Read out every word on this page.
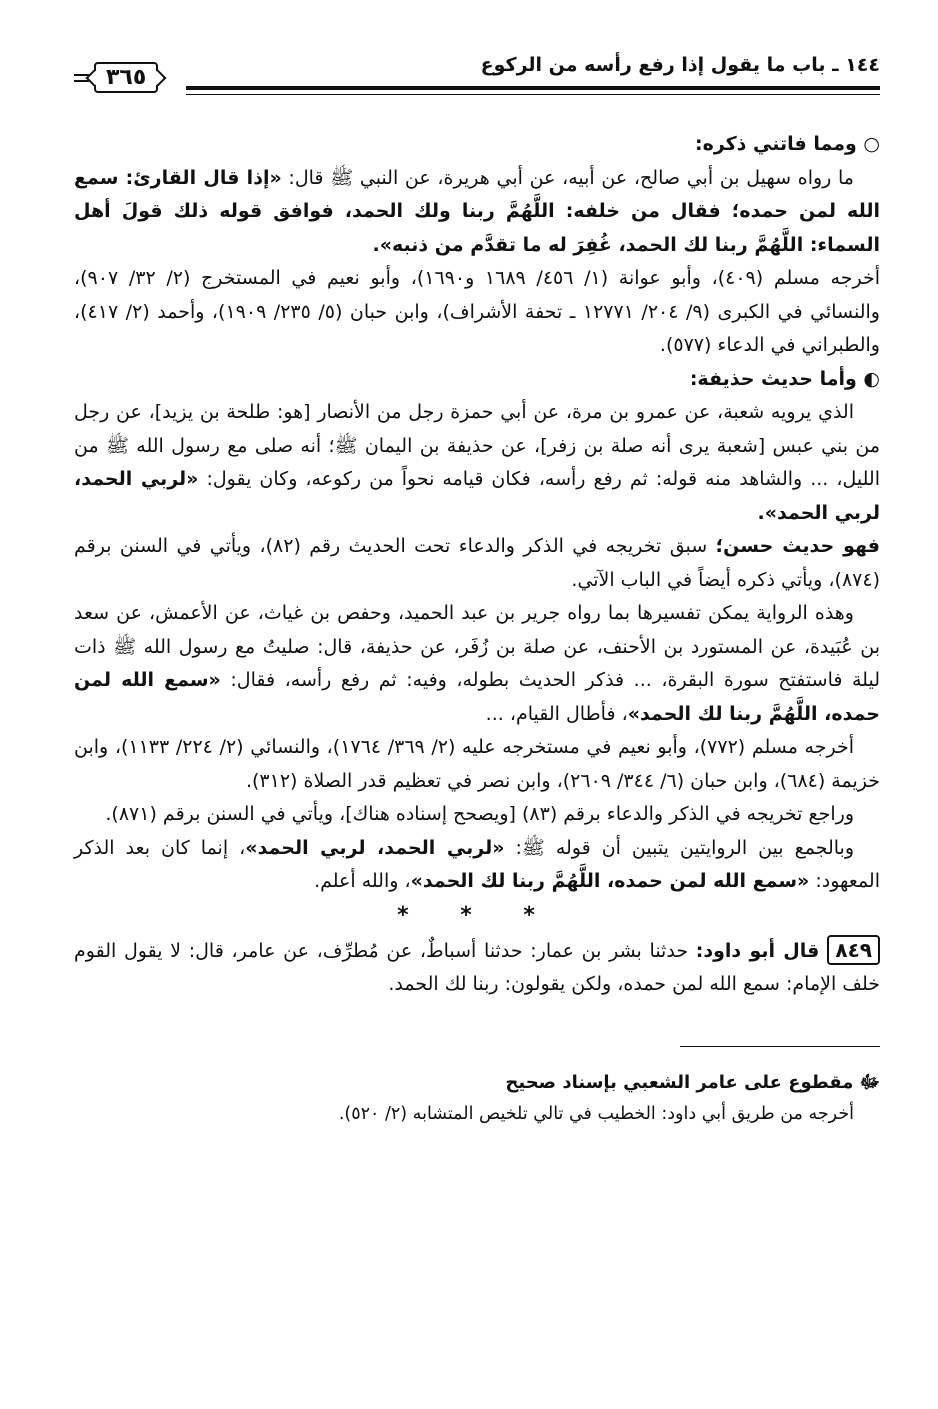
١٤٤ ـ باب ما يقول إذا رفع رأسه من الركوع
٣٦٥
○ ومما فاتني ذكره:

ما رواه سهيل بن أبي صالح، عن أبيه، عن أبي هريرة، عن النبي ﷺ قال: «إذا قال القارئ: سمع الله لمن حمده؛ فقال من خلفه: اللَّهُمَّ ربنا ولك الحمد، فوافق قوله ذلك قولَ أهل السماء: اللَّهُمَّ ربنا لك الحمد، غُفِرَ له ما تقدَّم من ذنبه».

أخرجه مسلم (٤٠٩)، وأبو عوانة (١/ ٤٥٦/ ١٦٨٩ و١٦٩٠)، وأبو نعيم في المستخرج (٢/ ٣٢/ ٩٠٧)، والنسائي في الكبرى (٩/ ٢٠٤/ ١٢٧٧١ ـ تحفة الأشراف)، وابن حبان (٥/ ٢٣٥/ ١٩٠٩)، وأحمد (٢/ ٤١٧)، والطبراني في الدعاء (٥٧٧).

◐ وأما حديث حذيفة:

الذي يرويه شعبة، عن عمرو بن مرة، عن أبي حمزة رجل من الأنصار [هو: طلحة بن يزيد]، عن رجل من بني عبس [شعبة يرى أنه صلة بن زفر]، عن حذيفة بن اليمان ﷺ؛ أنه صلى مع رسول الله ﷺ من الليل، ... والشاهد منه قوله: ثم رفع رأسه، فكان قيامه نحواً من ركوعه، وكان يقول: «لربي الحمد، لربي الحمد».

فهو حديث حسن؛ سبق تخريجه في الذكر والدعاء تحت الحديث رقم (٨٢)، ويأتي في السنن برقم (٨٧٤)، ويأتي ذكره أيضاً في الباب الآتي.

وهذه الرواية يمكن تفسيرها بما رواه جرير بن عبد الحميد، وحفص بن غياث، عن الأعمش، عن سعد بن عُبَيدة، عن المستورد بن الأحنف، عن صلة بن زُفَر، عن حذيفة، قال: صليتُ مع رسول الله ﷺ ذات ليلة فاستفتح سورة البقرة، ... فذكر الحديث بطوله، وفيه: ثم رفع رأسه، فقال: «سمع الله لمن حمده، اللَّهُمَّ ربنا لك الحمد»، فأطال القيام، ...

أخرجه مسلم (٧٧٢)، وأبو نعيم في مستخرجه عليه (٢/ ٣٦٩/ ١٧٦٤)، والنسائي (٢/ ٢٢٤/ ١١٣٣)، وابن خزيمة (٦٨٤)، وابن حبان (٦/ ٣٤٤/ ٢٦٠٩)، وابن نصر في تعظيم قدر الصلاة (٣١٢).

وراجع تخريجه في الذكر والدعاء برقم (٨٣) [ويصحح إسناده هناك]، ويأتي في السنن برقم (٨٧١).

وبالجمع بين الروايتين يتبين أن قوله ﷺ: «لربي الحمد، لربي الحمد»، إنما كان بعد الذكر المعهود: «سمع الله لمن حمده، اللَّهُمَّ ربنا لك الحمد»، والله أعلم.

* * *

٨٤٩قال أبو داود: حدثنا بشر بن عمار: حدثنا أسباطٌ، عن مُطرِّف، عن عامر، قال: لا يقول القوم خلف الإمام: سمع الله لمن حمده، ولكن يقولون: ربنا لك الحمد.

ﷻ مقطوع على عامر الشعبي بإسناد صحيح

أخرجه من طريق أبي داود: الخطيب في تالي تلخيص المتشابه (٢/ ٥٢٠).
